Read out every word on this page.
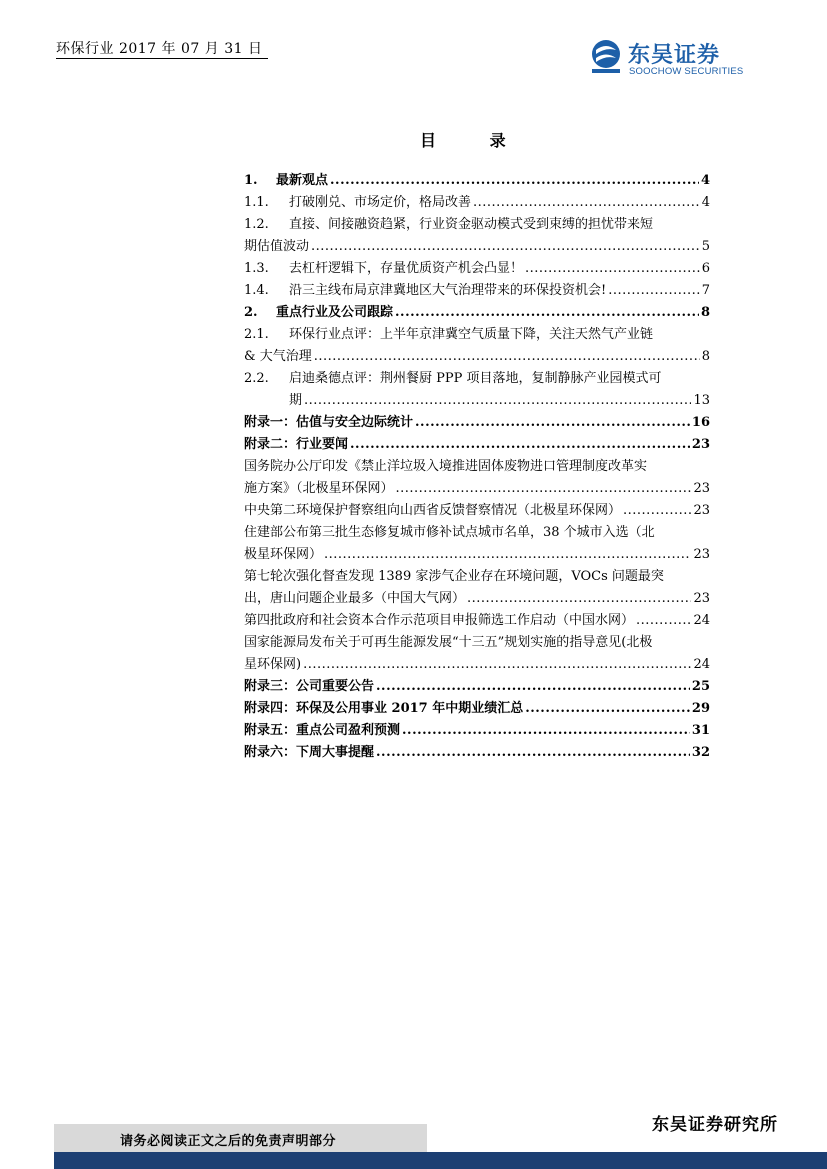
环保行业 2017 年 07 月 31 日	东吴证券
SOOCHOW SECURITIES
目 录
1.	最新观点 .....	4
1.1.	打破刚兑、市场定价，格局改善 .....	4
1.2.	直接、间接融资趋紧，行业资金驱动模式受到束缚的担忧带来短
期估值波动 .....	5
1.3.	去杠杆逻辑下，存量优质资产机会凸显！ .....	6
1.4.	沿三主线布局京津冀地区大气治理带来的环保投资机会! .....	7
2.	重点行业及公司跟踪 .....	8
2.1.	环保行业点评：上半年京津冀空气质量下降，关注天然气产业链
& 大气治理 .....	8
2.2.	启迪桑德点评：荆州餐厨 PPP 项目落地，复制静脉产业园模式可
期 .....	13
附录一：估值与安全边际统计 .....	16
附录二：行业要闻 .....	23
国务院办公厅印发《禁止洋垃圾入境推进固体废物进口管理制度改革实
施方案》（北极星环保网） .....	23
中央第二环境保护督察组向山西省反馈督察情况（北极星环保网） .....	23
住建部公布第三批生态修复城市修补试点城市名单，38 个城市入选（北
极星环保网） .....	23
第七轮次强化督查发现 1389 家涉气企业存在环境问题，VOCs 问题最突
出，唐山问题企业最多（中国大气网） .....	23
第四批政府和社会资本合作示范项目申报筛选工作启动（中国水网） .....	24
国家能源局发布关于可再生能源发展“十三五”规划实施的指导意见(北极
星环保网) .....	24
附录三：公司重要公告 .....	25
附录四：环保及公用事业 2017 年中期业绩汇总 .....	29
附录五：重点公司盈利预测 .....	31
附录六：下周大事提醒 .....	32
请务必阅读正文之后的免责声明部分
东吴证券研究所
